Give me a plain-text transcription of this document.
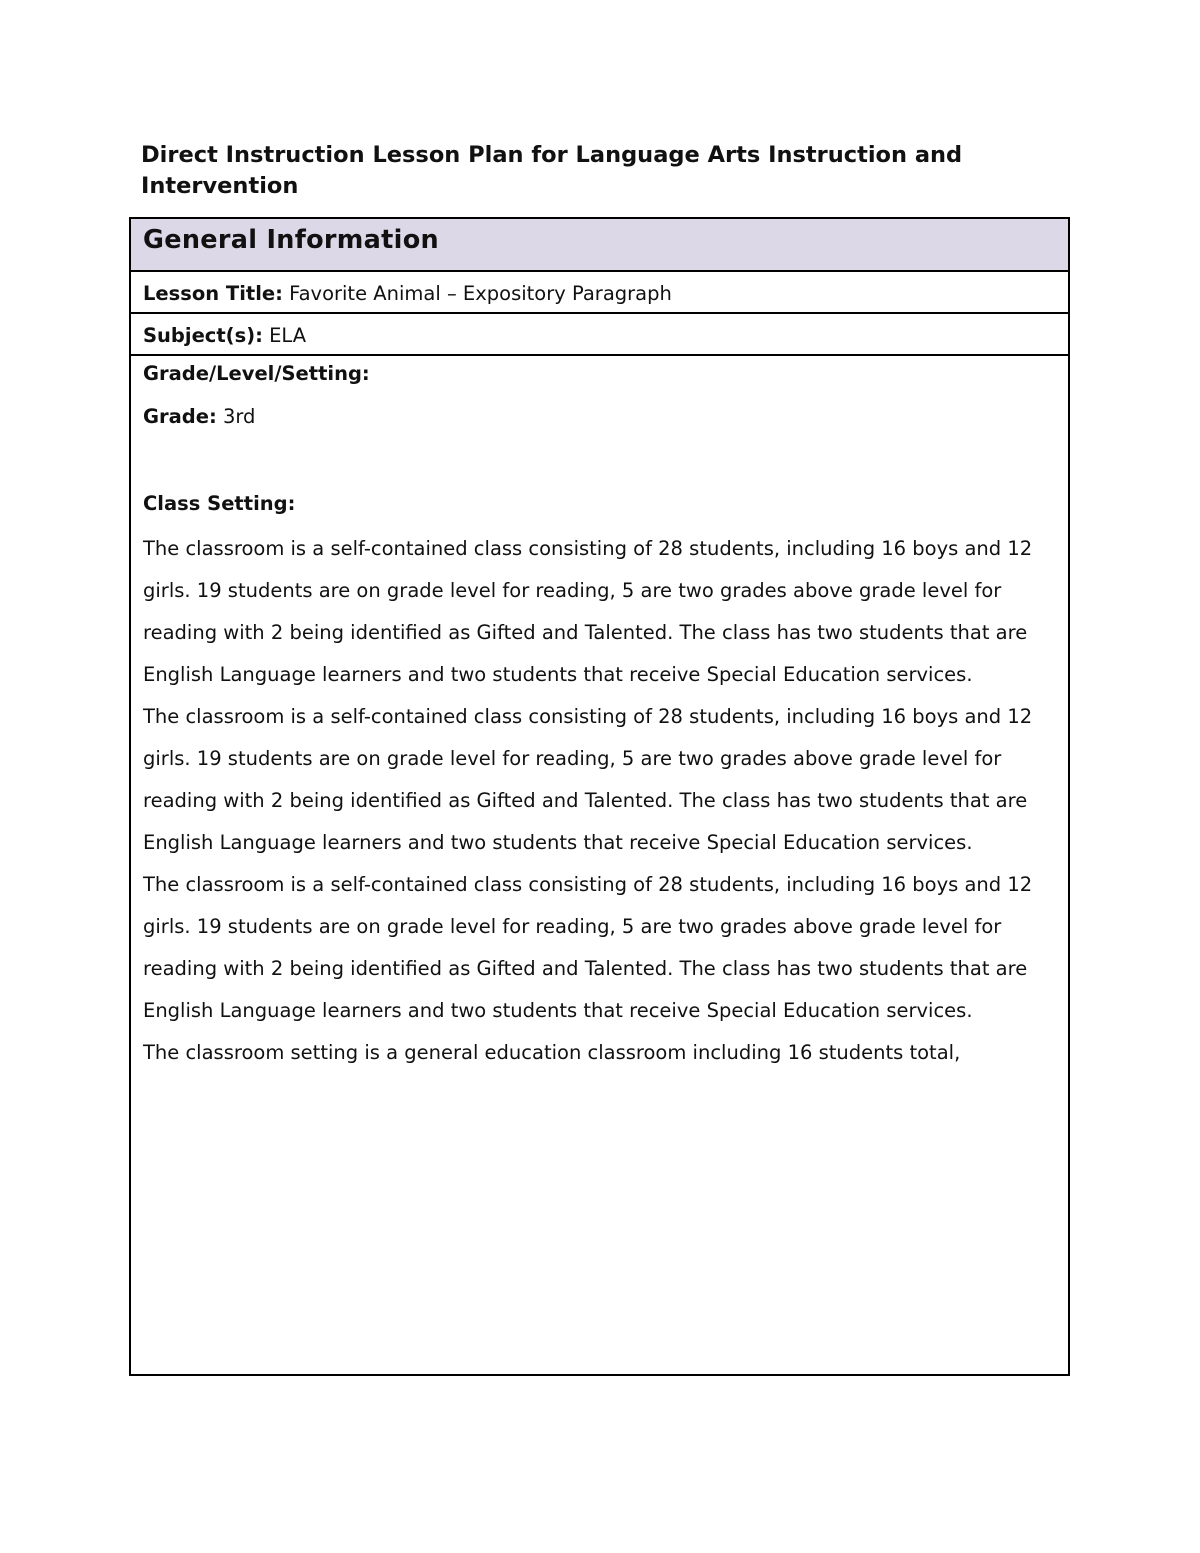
Direct Instruction Lesson Plan for Language Arts Instruction and Intervention
General Information
Lesson Title: Favorite Animal – Expository Paragraph
Subject(s): ELA

Grade/Level/Setting:

Grade: 3rd

Class Setting:

The classroom is a self-contained class consisting of 28 students, including 16 boys and 12

girls. 19 students are on grade level for reading, 5 are two grades above grade level for

reading with 2 being identified as Gifted and Talented. The class has two students that are

English Language learners and two students that receive Special Education services.

The classroom is a self-contained class consisting of 28 students, including 16 boys and 12

girls. 19 students are on grade level for reading, 5 are two grades above grade level for

reading with 2 being identified as Gifted and Talented. The class has two students that are

English Language learners and two students that receive Special Education services.

The classroom is a self-contained class consisting of 28 students, including 16 boys and 12

girls. 19 students are on grade level for reading, 5 are two grades above grade level for

reading with 2 being identified as Gifted and Talented. The class has two students that are

English Language learners and two students that receive Special Education services.

The classroom setting is a general education classroom including 16 students total,
